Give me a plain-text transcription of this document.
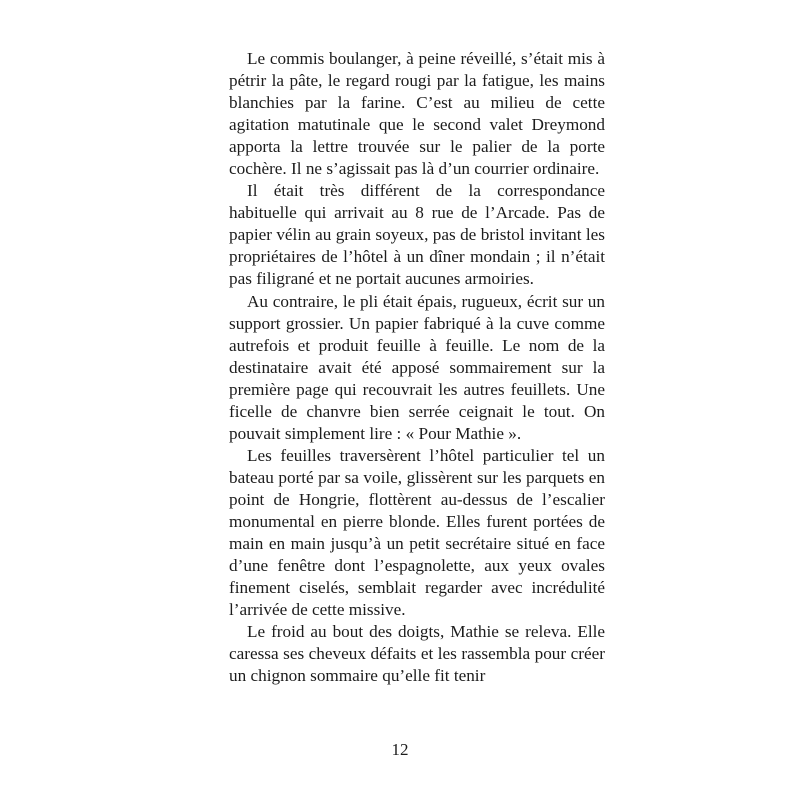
Le commis boulanger, à peine réveillé, s’était mis à pétrir la pâte, le regard rougi par la fatigue, les mains blanchies par la farine. C’est au milieu de cette agitation matutinale que le second valet Dreymond apporta la lettre trouvée sur le palier de la porte cochère. Il ne s’agissait pas là d’un courrier ordinaire.

Il était très différent de la correspondance habituelle qui arrivait au 8 rue de l’Arcade. Pas de papier vélin au grain soyeux, pas de bristol invitant les propriétaires de l’hôtel à un dîner mondain ; il n’était pas filigrané et ne portait aucunes armoiries.

Au contraire, le pli était épais, rugueux, écrit sur un support grossier. Un papier fabriqué à la cuve comme autrefois et produit feuille à feuille. Le nom de la destinataire avait été apposé sommairement sur la première page qui recouvrait les autres feuillets. Une ficelle de chanvre bien serrée ceignait le tout. On pouvait simplement lire : « Pour Mathie ».

Les feuilles traversèrent l’hôtel particulier tel un bateau porté par sa voile, glissèrent sur les parquets en point de Hongrie, flottèrent au-dessus de l’escalier monumental en pierre blonde. Elles furent portées de main en main jusqu’à un petit secrétaire situé en face d’une fenêtre dont l’espagnolette, aux yeux ovales finement ciselés, semblait regarder avec incrédulité l’arrivée de cette missive.

Le froid au bout des doigts, Mathie se releva. Elle caressa ses cheveux défaits et les rassembla pour créer un chignon sommaire qu’elle fit tenir

12
